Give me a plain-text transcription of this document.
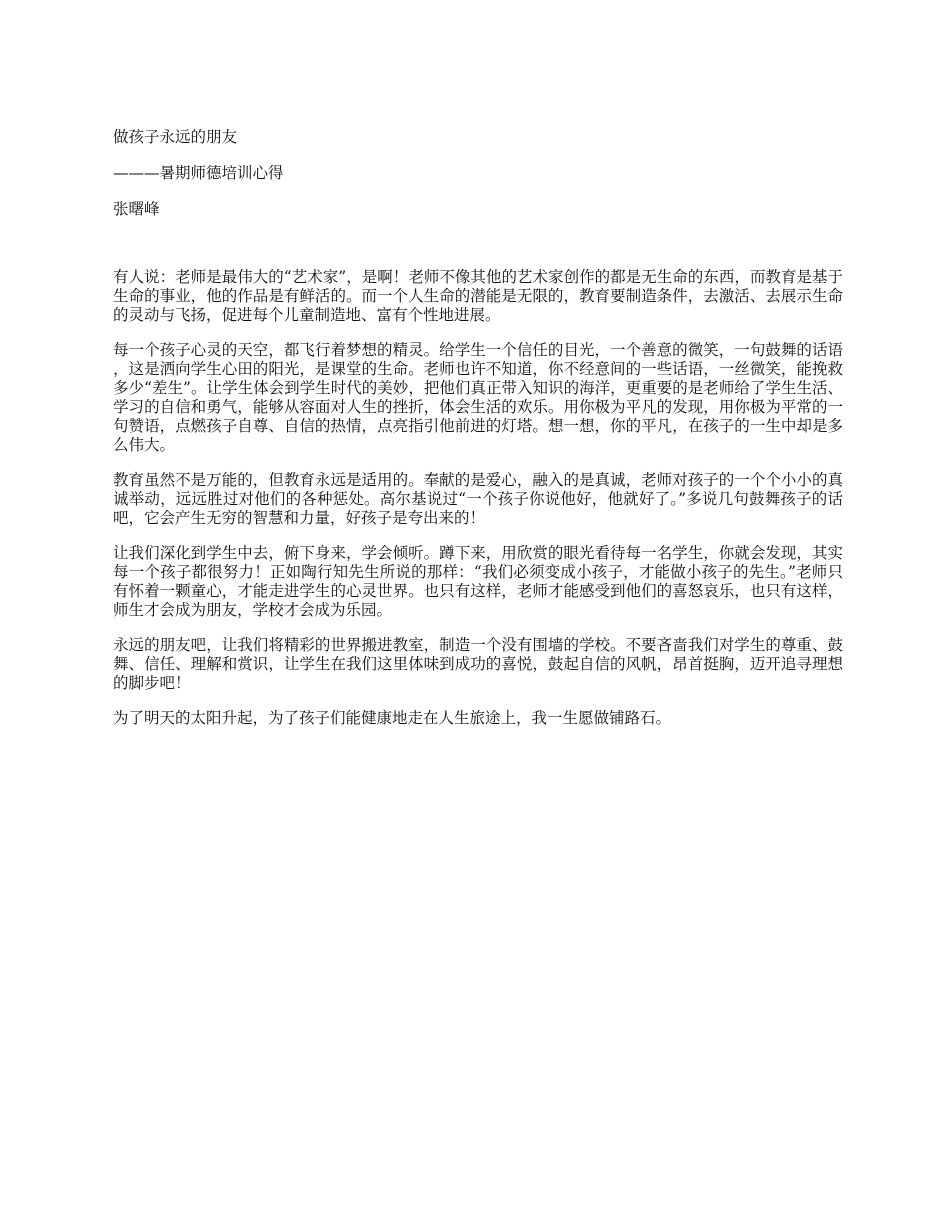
做孩子永远的朋友
———暑期师德培训心得
张曙峰

有人说：老师是最伟大的“艺术家”，是啊！老师不像其他的艺术家创作的都是无生命的东西，而教育是基于生命的事业，他的作品是有鲜活的。而一个人生命的潜能是无限的，教育要制造条件，去激活、去展示生命的灵动与飞扬，促进每个儿童制造地、富有个性地进展。

每一个孩子心灵的天空，都飞行着梦想的精灵。给学生一个信任的目光，一个善意的微笑，一句鼓舞的话语，这是洒向学生心田的阳光，是课堂的生命。老师也许不知道，你不经意间的一些话语，一丝微笑，能挽救多少“差生”。让学生体会到学生时代的美妙，把他们真正带入知识的海洋，更重要的是老师给了学生生活、学习的自信和勇气，能够从容面对人生的挫折，体会生活的欢乐。用你极为平凡的发现，用你极为平常的一句赞语，点燃孩子自尊、自信的热情，点亮指引他前进的灯塔。想一想，你的平凡，在孩子的一生中却是多么伟大。

教育虽然不是万能的，但教育永远是适用的。奉献的是爱心，融入的是真诚，老师对孩子的一个个小小的真诚举动，远远胜过对他们的各种惩处。高尔基说过“一个孩子你说他好，他就好了。”多说几句鼓舞孩子的话吧，它会产生无穷的智慧和力量，好孩子是夸出来的！

让我们深化到学生中去，俯下身来，学会倾听。蹲下来，用欣赏的眼光看待每一名学生，你就会发现，其实每一个孩子都很努力！正如陶行知先生所说的那样：“我们必须变成小孩子，才能做小孩子的先生。”老师只有怀着一颗童心，才能走进学生的心灵世界。也只有这样，老师才能感受到他们的喜怒哀乐，也只有这样，师生才会成为朋友，学校才会成为乐园。

永远的朋友吧，让我们将精彩的世界搬进教室，制造一个没有围墙的学校。不要吝啬我们对学生的尊重、鼓舞、信任、理解和赏识，让学生在我们这里体味到成功的喜悦，鼓起自信的风帆，昂首挺胸，迈开追寻理想的脚步吧！

为了明天的太阳升起，为了孩子们能健康地走在人生旅途上，我一生愿做铺路石。
